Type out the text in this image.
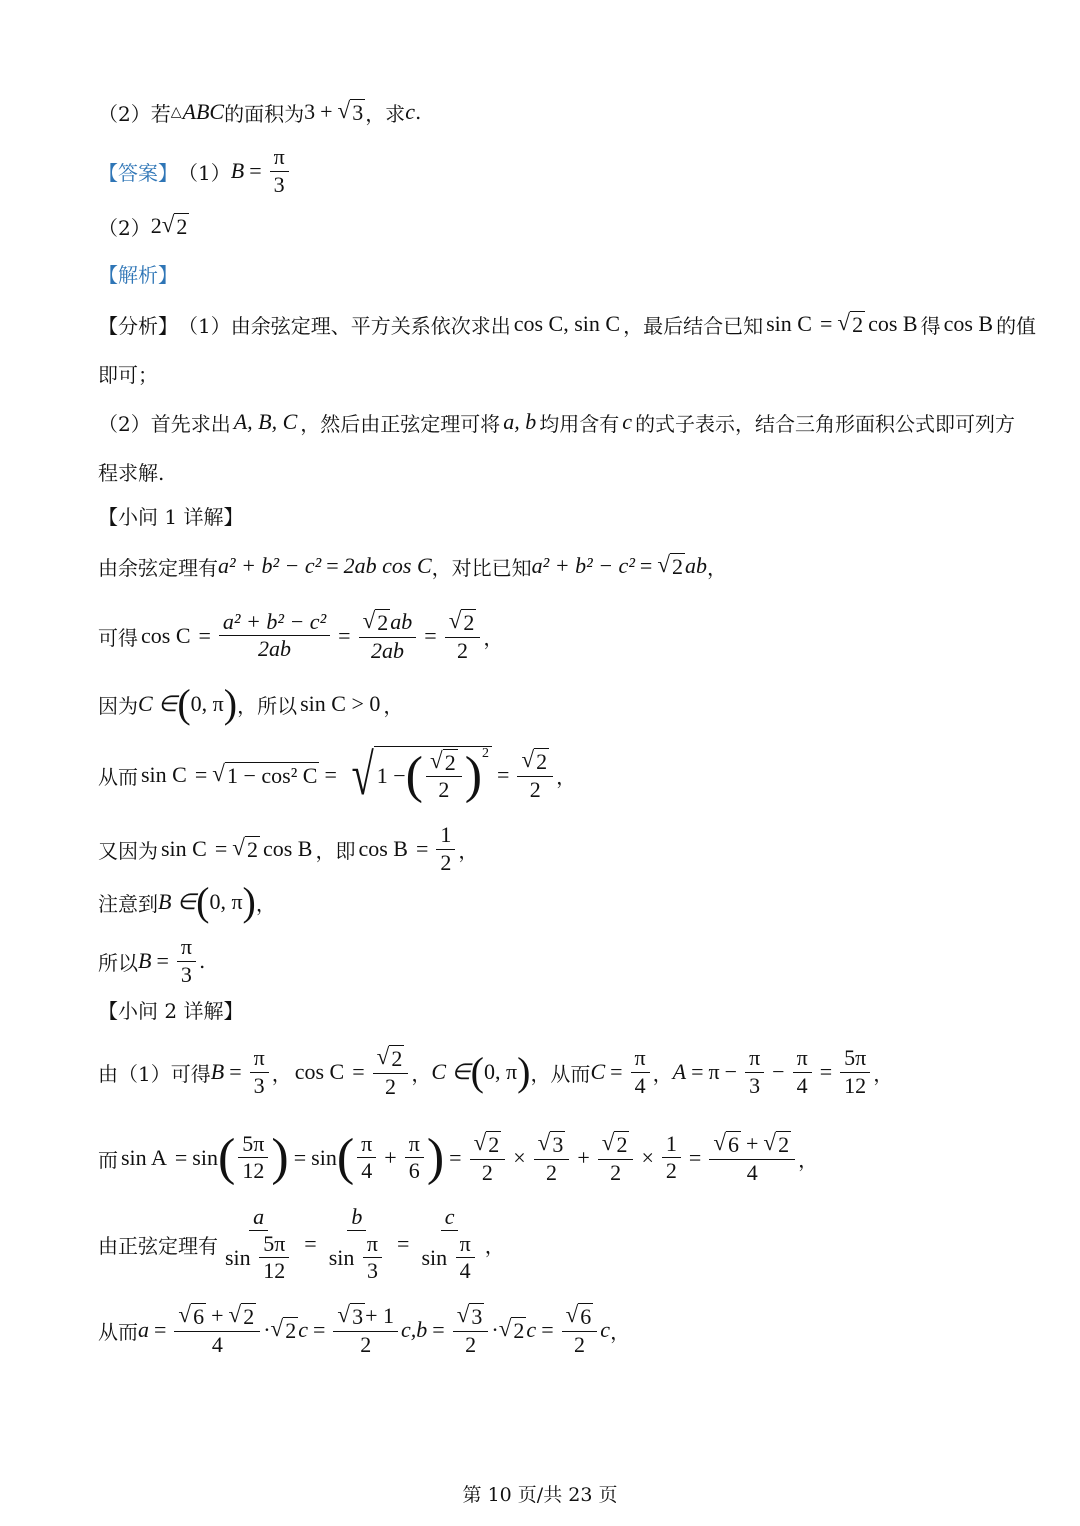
（2）若 △ ABC 的面积为 3 + √ 3 ，求 c .
【答案】 （1） $B = \frac{\pi}{3}$
（2） 2 √ 2
【解析】
【分析】 （1）由余弦定理、平方关系依次求出 cos C, sin C ，最后结合已知 sin C = √ 2 cos B 得 cos B 的值
即可；
（2）首先求出 A, B, C ，然后由正弦定理可将 a, b 均用含有 c 的式子表示，结合三角形面积公式即可列方
程求解.
【小问 1 详解】
由余弦定理有 a² + b² − c² = 2ab cos C ，对比已知 a² + b² − c² = √ 2 ab ，
可得 $\cos C = \frac{\text{a² + b² − c²}}{2ab} = \frac{√ 2 ab}{2ab} = \frac{√ 2}{2}$ ，
因为 C ∈ ( 0, π ) ，所以 sin C > 0 ，
从而 sin C = √ 1 − cos² C = √ 1 − ( $\frac{√ 2}{2} )^2$
= $\frac{√ 2}{2}$ ，
又因为 sin C = √ 2 cos B ，即 $\cos B = \frac{1}{2}$ ，
注意到 B ∈ ( 0, π ) ，
所以 $B = \frac{\pi}{3}$ .
【小问 2 详解】
由（1）可得 $B = \frac{\pi}{3}$ ， $\cos C = \frac{√ 2}{2}$ ， C ∈ ( 0, π ) ，从而 $C = \frac{\pi}{4}$ ， $A = \pi - \frac{\pi}{3} - \frac{\pi}{4} = \frac{5\pi}{12}$ ，
而 sin A = sin ( $\frac{5\pi}{12}$ ) = sin ( $\frac{\pi}{4} + \frac{\pi}{6}$ ) = $\frac{√ 2}{2} \times \frac{√ 3}{2} + \frac{√ 2}{2} \times \frac{1}{2} = \frac{√ 6 + √ 2}{4}$ ，
由正弦定理有 a
sin
$\frac{5\pi}{12} = b$
sin
$\frac{\pi}{3} = c$
sin
$\frac{\pi}{4}$ ，
从而 $a = \frac{√ 6 + √ 2}{4}$ · √ 2 $c = \frac{√ 3 + 1}{2} c$, $b = \frac{√ 3}{2}$ · √ 2 $c = \frac{√ 6}{2}$ c ，
第 10 页/共 23 页
